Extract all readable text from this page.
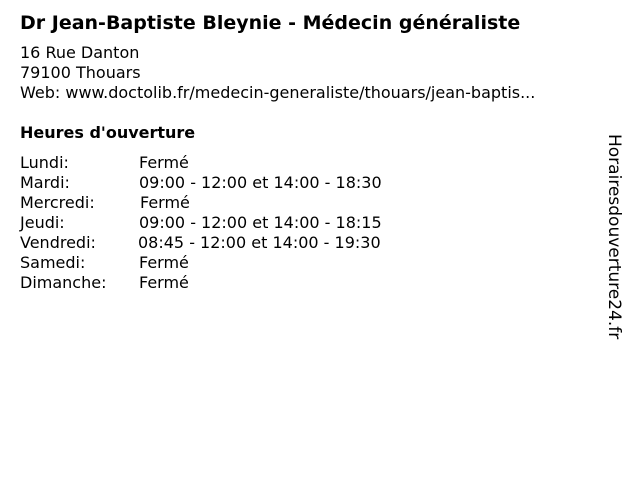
Dr Jean-Baptiste Bleynie - Médecin généraliste
16 Rue Danton
79100 Thouars
Web: www.doctolib.fr/medecin-generaliste/thouars/jean-baptis...
Heures d'ouverture
Lundi:	Fermé
Mardi:	09:00 - 12:00 et 14:00 - 18:30
Mercredi:	Fermé
Jeudi:	09:00 - 12:00 et 14:00 - 18:15
Vendredi:	08:45 - 12:00 et 14:00 - 19:30
Samedi:	Fermé
Dimanche: Fermé	Horairesdouverture24.fr
